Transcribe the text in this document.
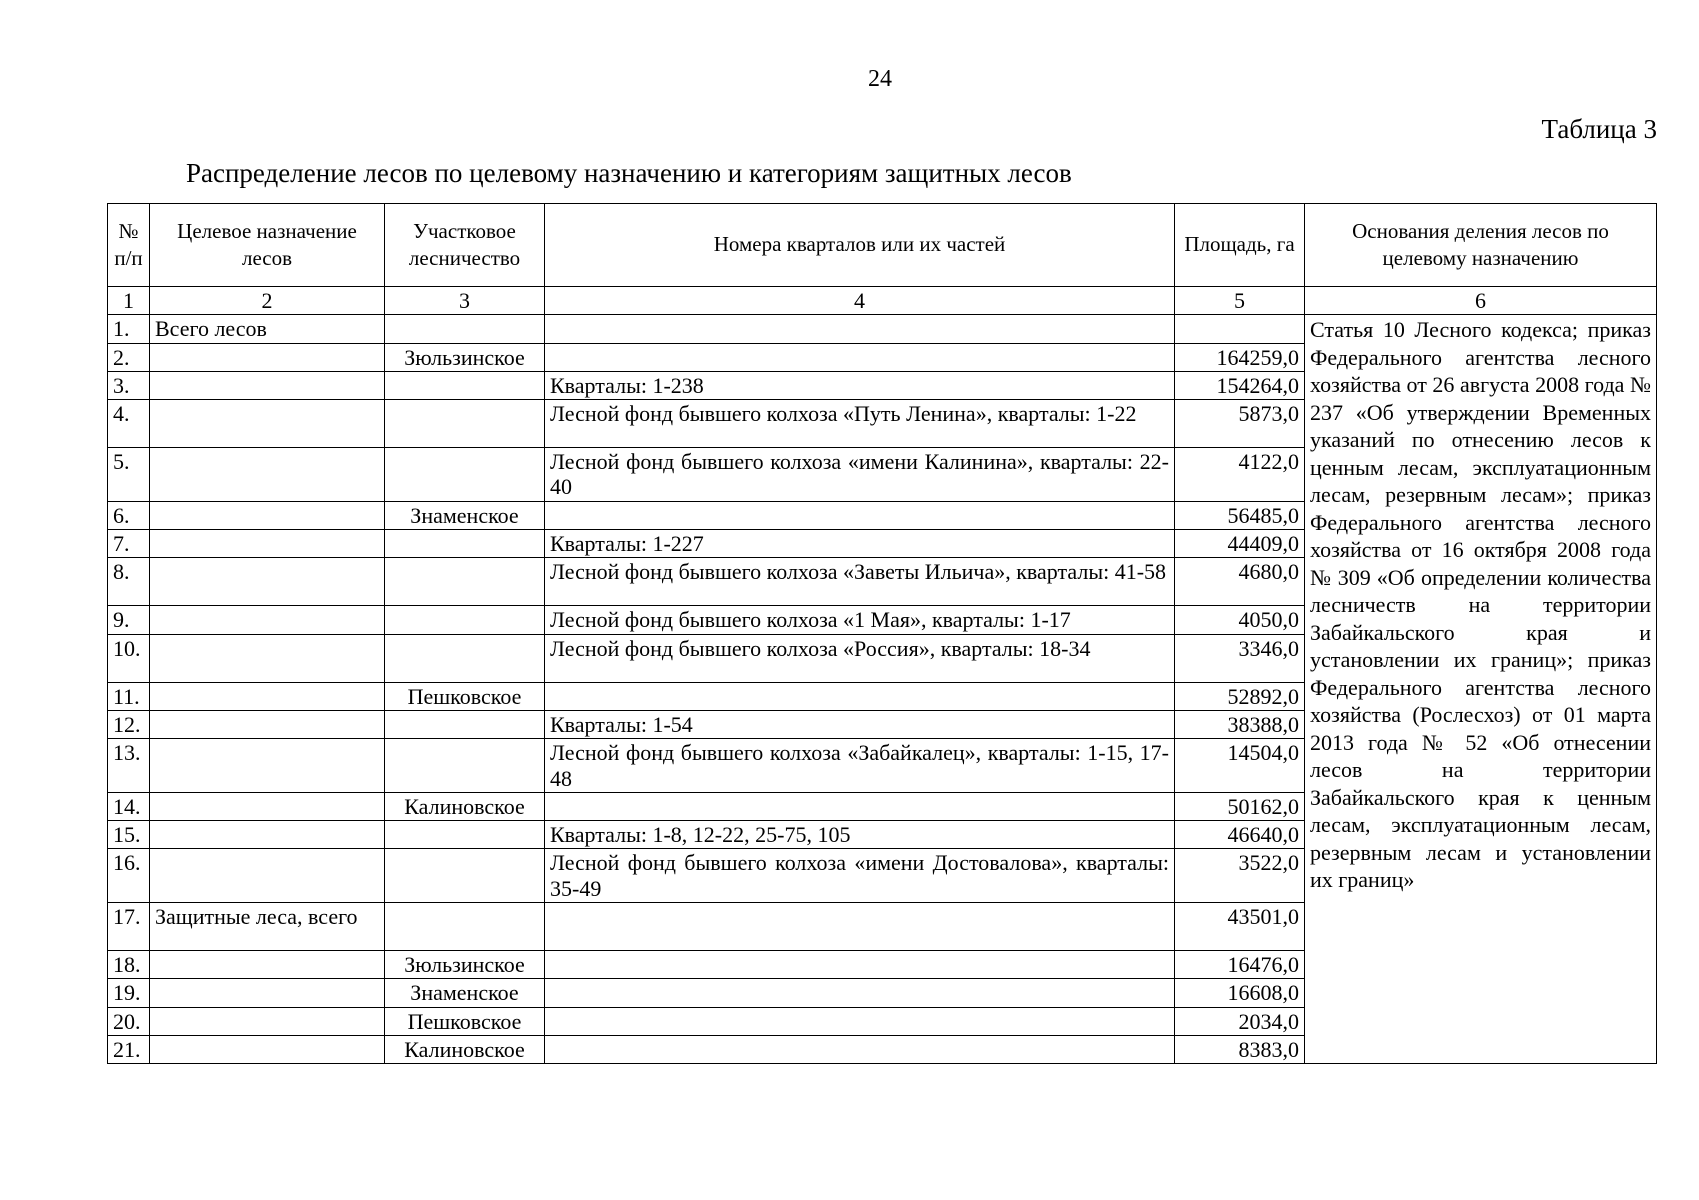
24
Таблица 3
Распределение лесов по целевому назначению и категориям защитных лесов
№ п/п	Целевое назначение лесов	Участковое лесничество	Номера кварталов или их частей	Площадь, га	Основания деления лесов по целевому назначению
1	2	3	4	5	6
1.	Всего лесов				Статья 10 Лесного кодекса; приказ Федерального агентства лесного хозяйства от 26 августа 2008 года № 237 «Об утверждении Временных указаний по отнесению лесов к ценным лесам, эксплуатационным лесам, резервным лесам»; приказ Федерального агентства лесного хозяйства от 16 октября 2008 года № 309 «Об определении количества лесничеств на территории Забайкальского края и установлении их границ»; приказ Федерального агентства лесного хозяйства (Рослесхоз) от 01 марта 2013 года № 52 «Об отнесении лесов на территории Забайкальского края к ценным лесам, эксплуатационным лесам, резервным лесам и установлении их границ»
2.		Зюльзинское		164259,0	
3.			Кварталы: 1-238	154264,0	
4.			Лесной фонд бывшего колхоза «Путь Ленина», кварталы: 1-22	5873,0	
5.			Лесной фонд бывшего колхоза «имени Калинина», кварталы: 22-40	4122,0	
6.		Знаменское		56485,0	
7.			Кварталы: 1-227	44409,0	
8.			Лесной фонд бывшего колхоза «Заветы Ильича», кварталы: 41-58	4680,0	
9.			Лесной фонд бывшего колхоза «1 Мая», кварталы: 1-17	4050,0	
10.			Лесной фонд бывшего колхоза «Россия», кварталы: 18-34	3346,0	
11.		Пешковское		52892,0	
12.			Кварталы: 1-54	38388,0	
13.			Лесной фонд бывшего колхоза «Забайкалец», кварталы: 1-15, 17-48	14504,0	
14.		Калиновское		50162,0	
15.			Кварталы: 1-8, 12-22, 25-75, 105	46640,0	
16.			Лесной фонд бывшего колхоза «имени Достовалова», кварталы: 35-49	3522,0	
17.	Защитные леса, всего			43501,0	
18.		Зюльзинское		16476,0	
19.		Знаменское		16608,0	
20.		Пешковское		2034,0	
21.		Калиновское		8383,0	
